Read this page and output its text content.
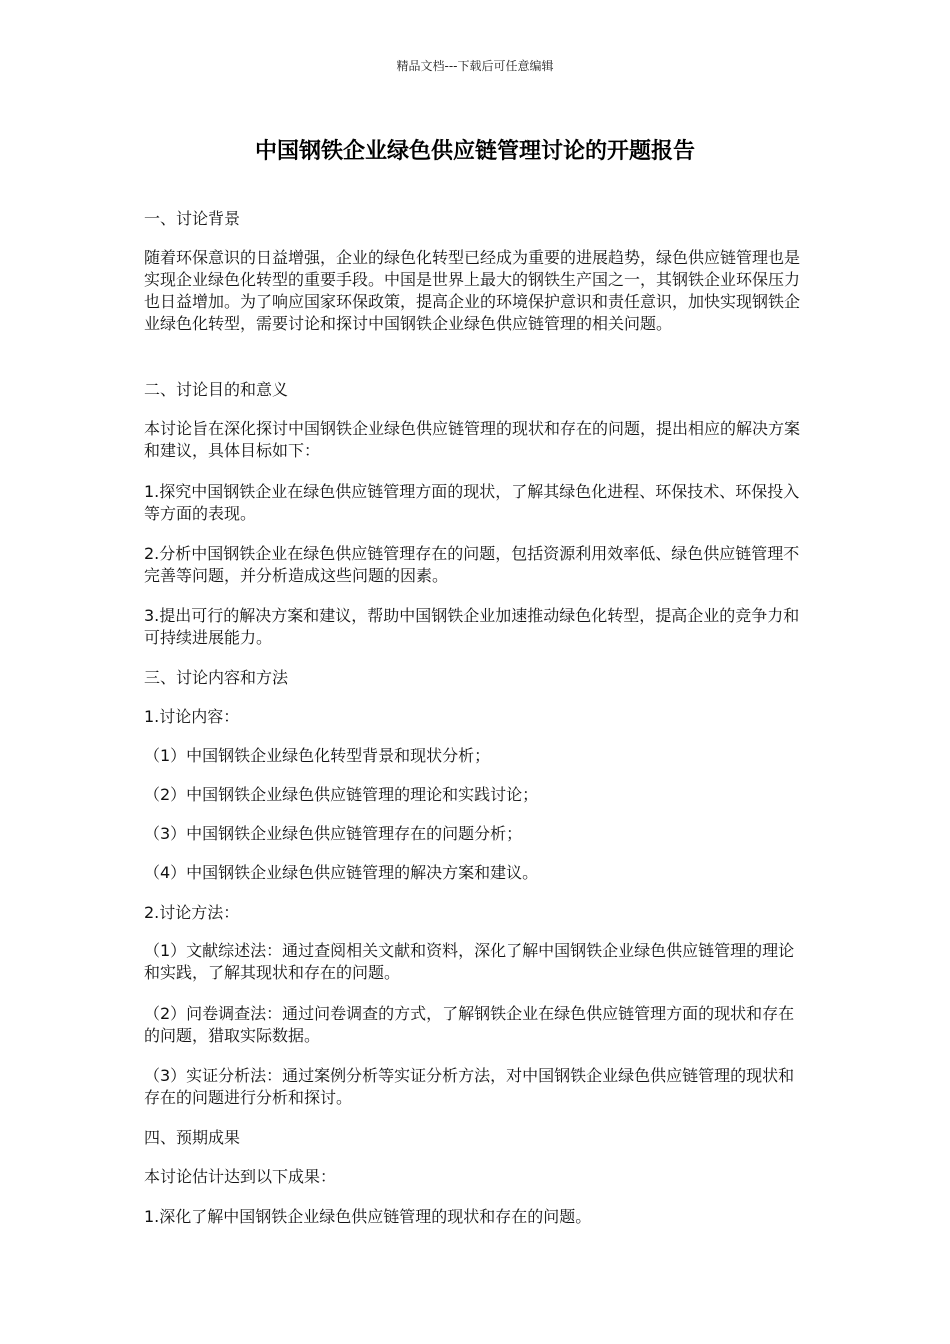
精品文档---下载后可任意编辑
中国钢铁企业绿色供应链管理讨论的开题报告

一、讨论背景

随着环保意识的日益增强，企业的绿色化转型已经成为重要的进展趋势，绿色供应链管理也是实现企业绿色化转型的重要手段。中国是世界上最大的钢铁生产国之一，其钢铁企业环保压力也日益增加。为了响应国家环保政策，提高企业的环境保护意识和责任意识，加快实现钢铁企业绿色化转型，需要讨论和探讨中国钢铁企业绿色供应链管理的相关问题。

二、讨论目的和意义

本讨论旨在深化探讨中国钢铁企业绿色供应链管理的现状和存在的问题，提出相应的解决方案和建议，具体目标如下：

1.探究中国钢铁企业在绿色供应链管理方面的现状，了解其绿色化进程、环保技术、环保投入等方面的表现。

2.分析中国钢铁企业在绿色供应链管理存在的问题，包括资源利用效率低、绿色供应链管理不完善等问题，并分析造成这些问题的因素。

3.提出可行的解决方案和建议，帮助中国钢铁企业加速推动绿色化转型，提高企业的竞争力和可持续进展能力。

三、讨论内容和方法

1.讨论内容：

（1）中国钢铁企业绿色化转型背景和现状分析；

（2）中国钢铁企业绿色供应链管理的理论和实践讨论；

（3）中国钢铁企业绿色供应链管理存在的问题分析；

（4）中国钢铁企业绿色供应链管理的解决方案和建议。

2.讨论方法：

（1）文献综述法：通过查阅相关文献和资料，深化了解中国钢铁企业绿色供应链管理的理论和实践，了解其现状和存在的问题。

（2）问卷调查法：通过问卷调查的方式，了解钢铁企业在绿色供应链管理方面的现状和存在的问题，猎取实际数据。

（3）实证分析法：通过案例分析等实证分析方法，对中国钢铁企业绿色供应链管理的现状和存在的问题进行分析和探讨。

四、预期成果

本讨论估计达到以下成果：

1.深化了解中国钢铁企业绿色供应链管理的现状和存在的问题。
